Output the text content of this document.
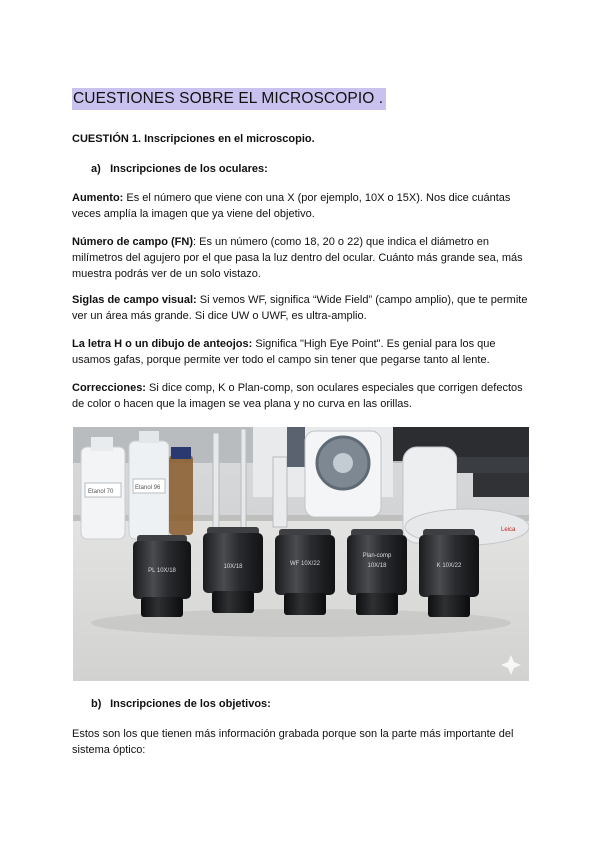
CUESTIONES SOBRE EL MICROSCOPIO .
CUESTIÓN 1. Inscripciones en el microscopio.
a) Inscripciones de los oculares:
Aumento: Es el número que viene con una X (por ejemplo, 10X o 15X). Nos dice cuántas veces amplía la imagen que ya viene del objetivo.
Número de campo (FN): Es un número (como 18, 20 o 22) que indica el diámetro en milímetros del agujero por el que pasa la luz dentro del ocular. Cuánto más grande sea, más muestra podrás ver de un solo vistazo.
Siglas de campo visual: Si vemos WF, significa “Wide Field” (campo amplio), que te permite ver un área más grande. Si dice UW o UWF, es ultra-amplio.
La letra H o un dibujo de anteojos: Significa "High Eye Point". Es genial para los que usamos gafas, porque permite ver todo el campo sin tener que pegarse tanto al lente.
Correcciones: Si dice comp, K o Plan-comp, son oculares especiales que corrigen defectos de color o hacen que la imagen se vea plana y no curva en las orillas.
Etanol 70
Etanol 96
Leica
PL 10X/18
10X/18	WF 10X/22
Plan-comp
10X/18	K 10X/22
b) Inscripciones de los objetivos:
Estos son los que tienen más información grabada porque son la parte más importante del sistema óptico:
